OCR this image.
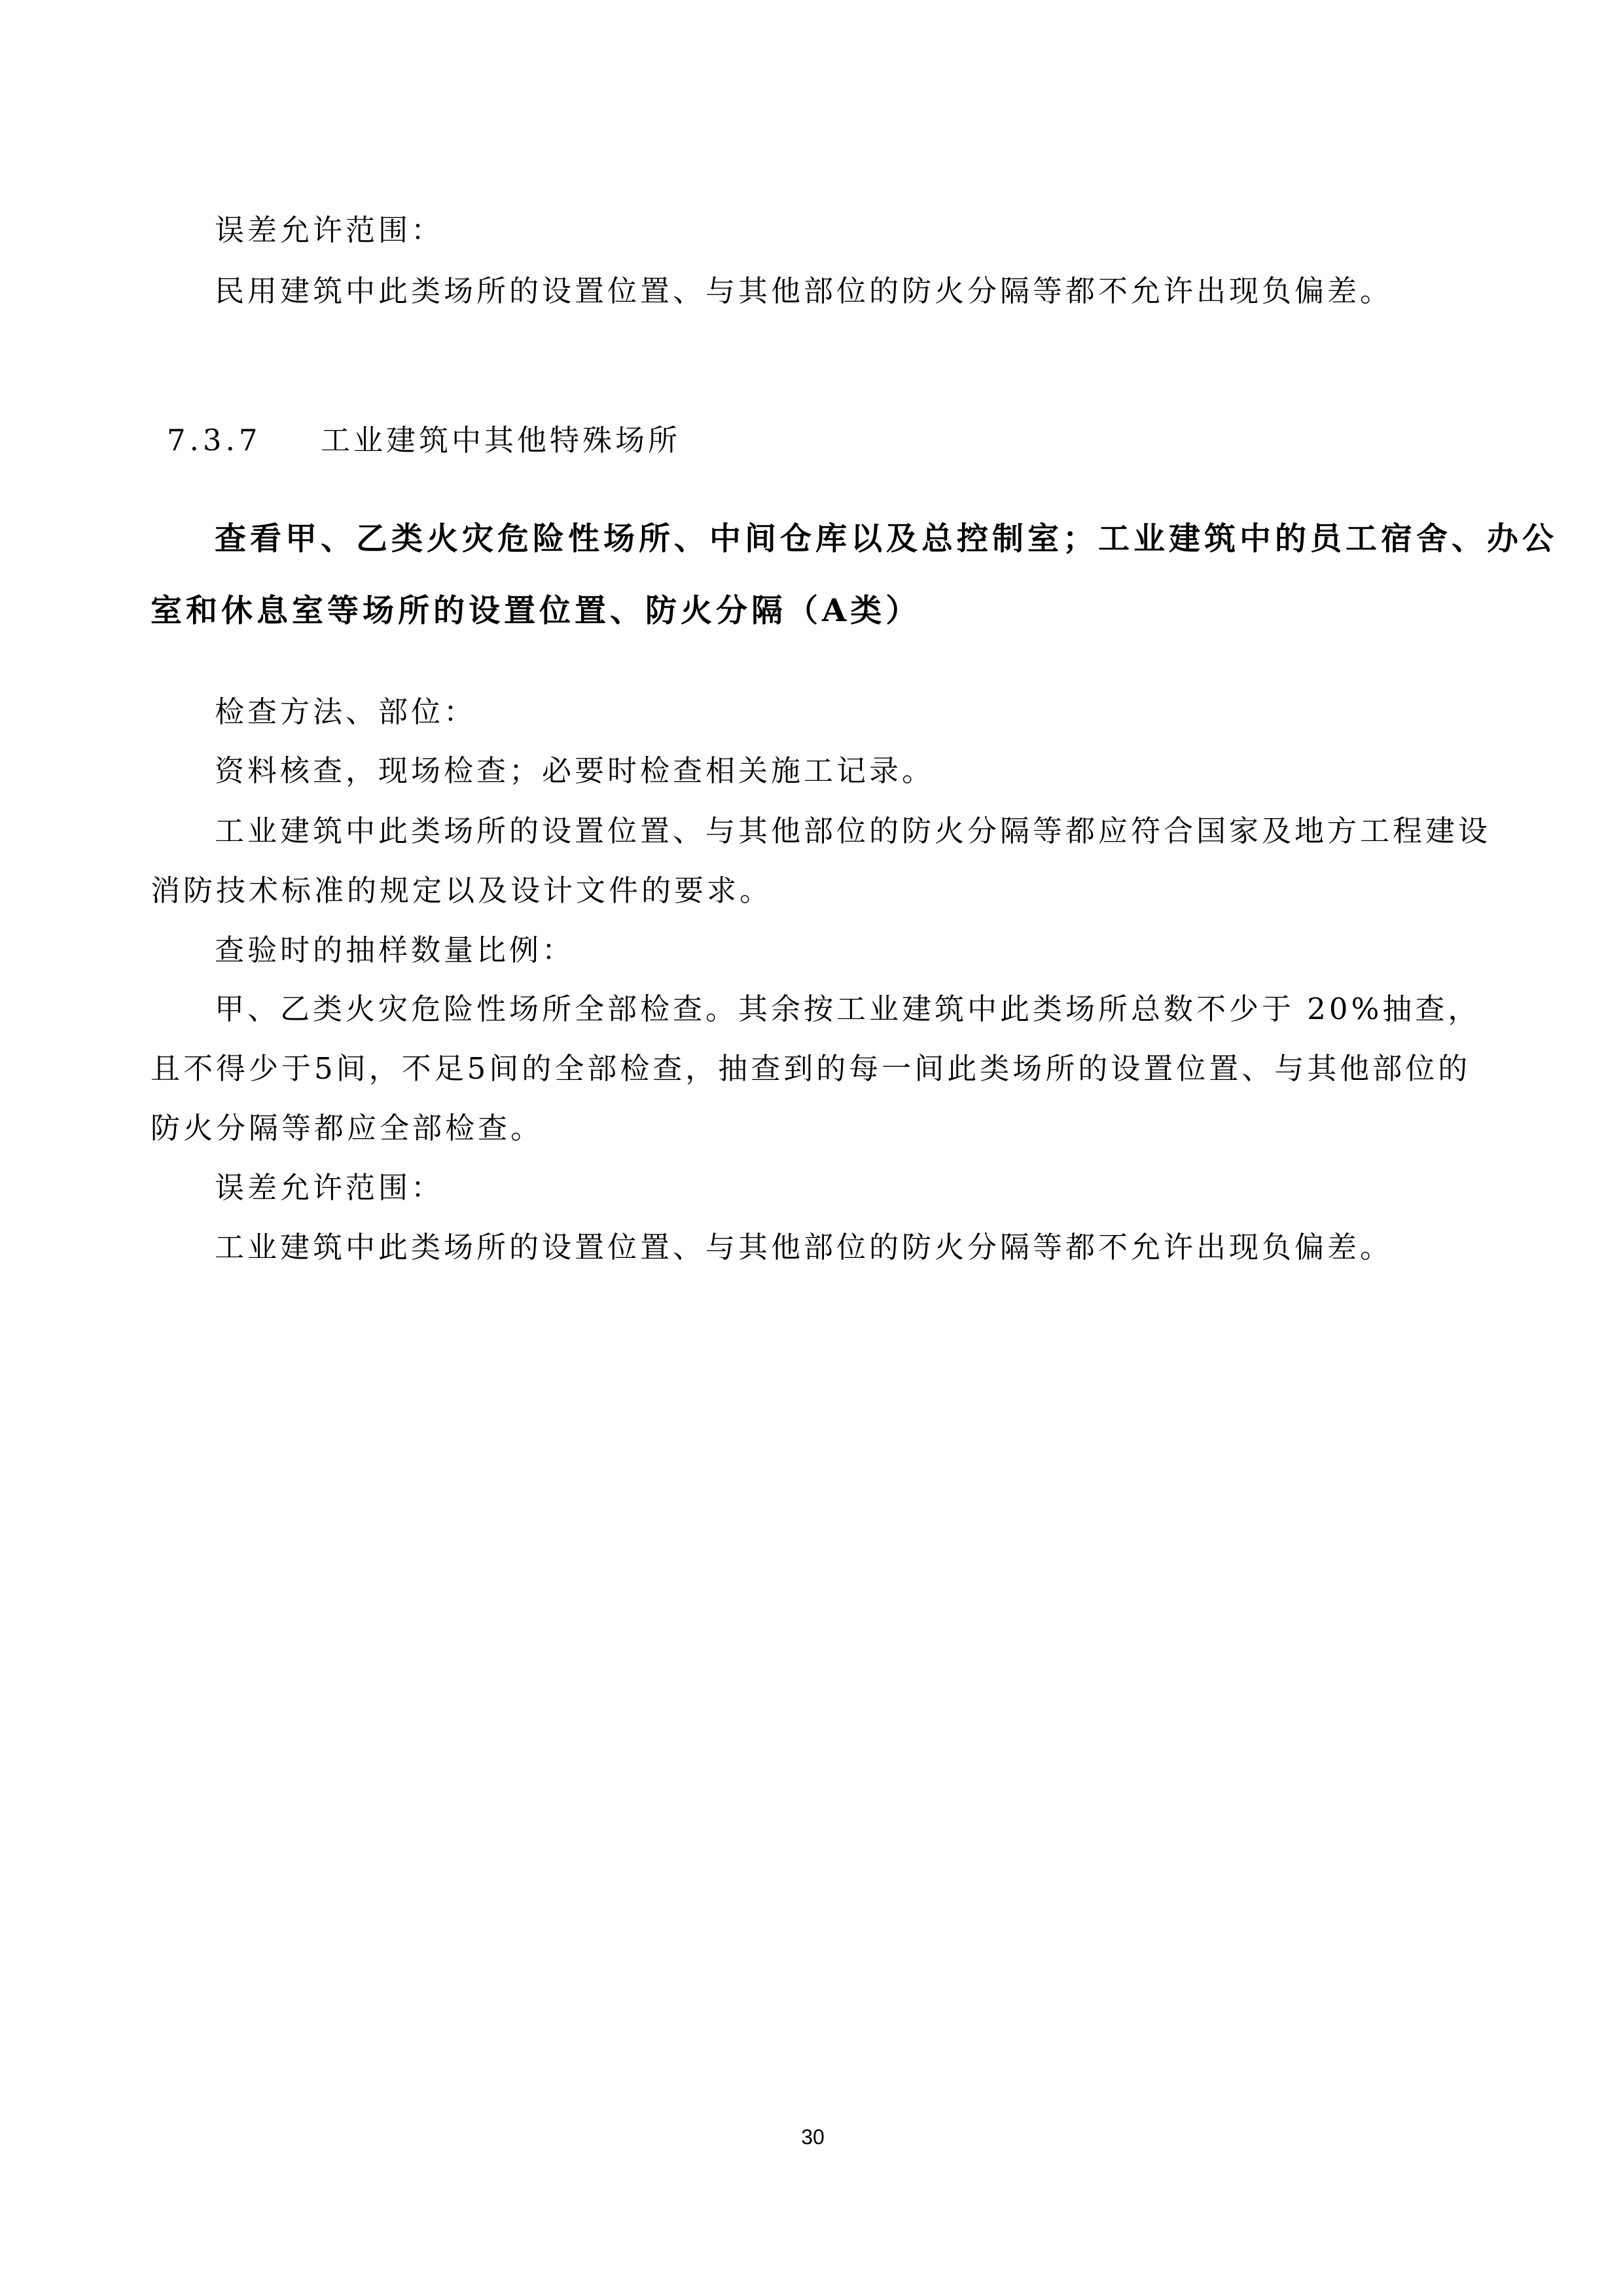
误差允许范围：
民用建筑中此类场所的设置位置、与其他部位的防火分隔等都不允许出现负偏差。
7.3.7 工业建筑中其他特殊场所
查看甲、乙类火灾危险性场所、中间仓库以及总控制室；工业建筑中的员工宿舍、办公
室和休息室等场所的设置位置、防火分隔（A类）
检查方法、部位：
资料核查，现场检查；必要时检查相关施工记录。
工业建筑中此类场所的设置位置、与其他部位的防火分隔等都应符合国家及地方工程建设
消防技术标准的规定以及设计文件的要求。
查验时的抽样数量比例：
甲、乙类火灾危险性场所全部检查。其余按工业建筑中此类场所总数不少于 20%抽查，
且不得少于5间，不足5间的全部检查，抽查到的每一间此类场所的设置位置、与其他部位的
防火分隔等都应全部检查。
误差允许范围：
工业建筑中此类场所的设置位置、与其他部位的防火分隔等都不允许出现负偏差。
30
